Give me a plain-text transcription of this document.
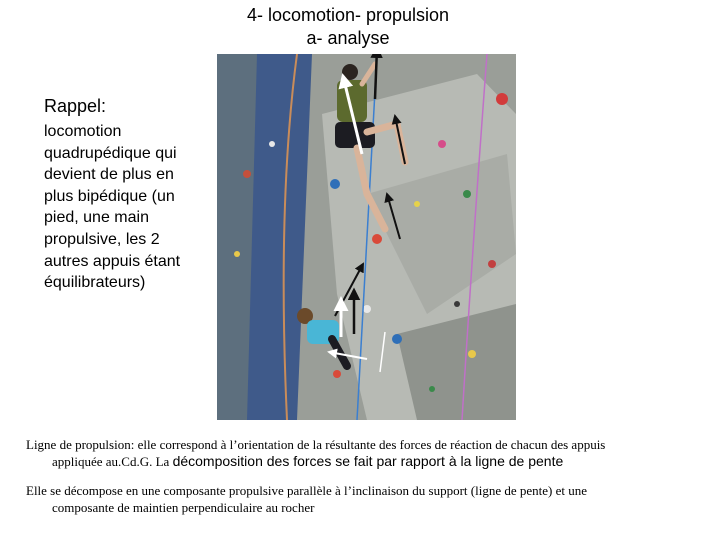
4- locomotion- propulsion
a- analyse
Rappel:
locomotion quadrupédique qui devient de plus en plus bipédique (un pied, une main propulsive, les 2 autres appuis étant équilibrateurs)
Ligne de propulsion: elle correspond à l’orientation de la résultante des forces de réaction de chacun des appuis
appliquée au.Cd.G. La décomposition des forces se fait par rapport à la ligne de pente
Elle se décompose en une composante propulsive parallèle à l’inclinaison du support (ligne de pente) et une
composante de maintien perpendiculaire au rocher
